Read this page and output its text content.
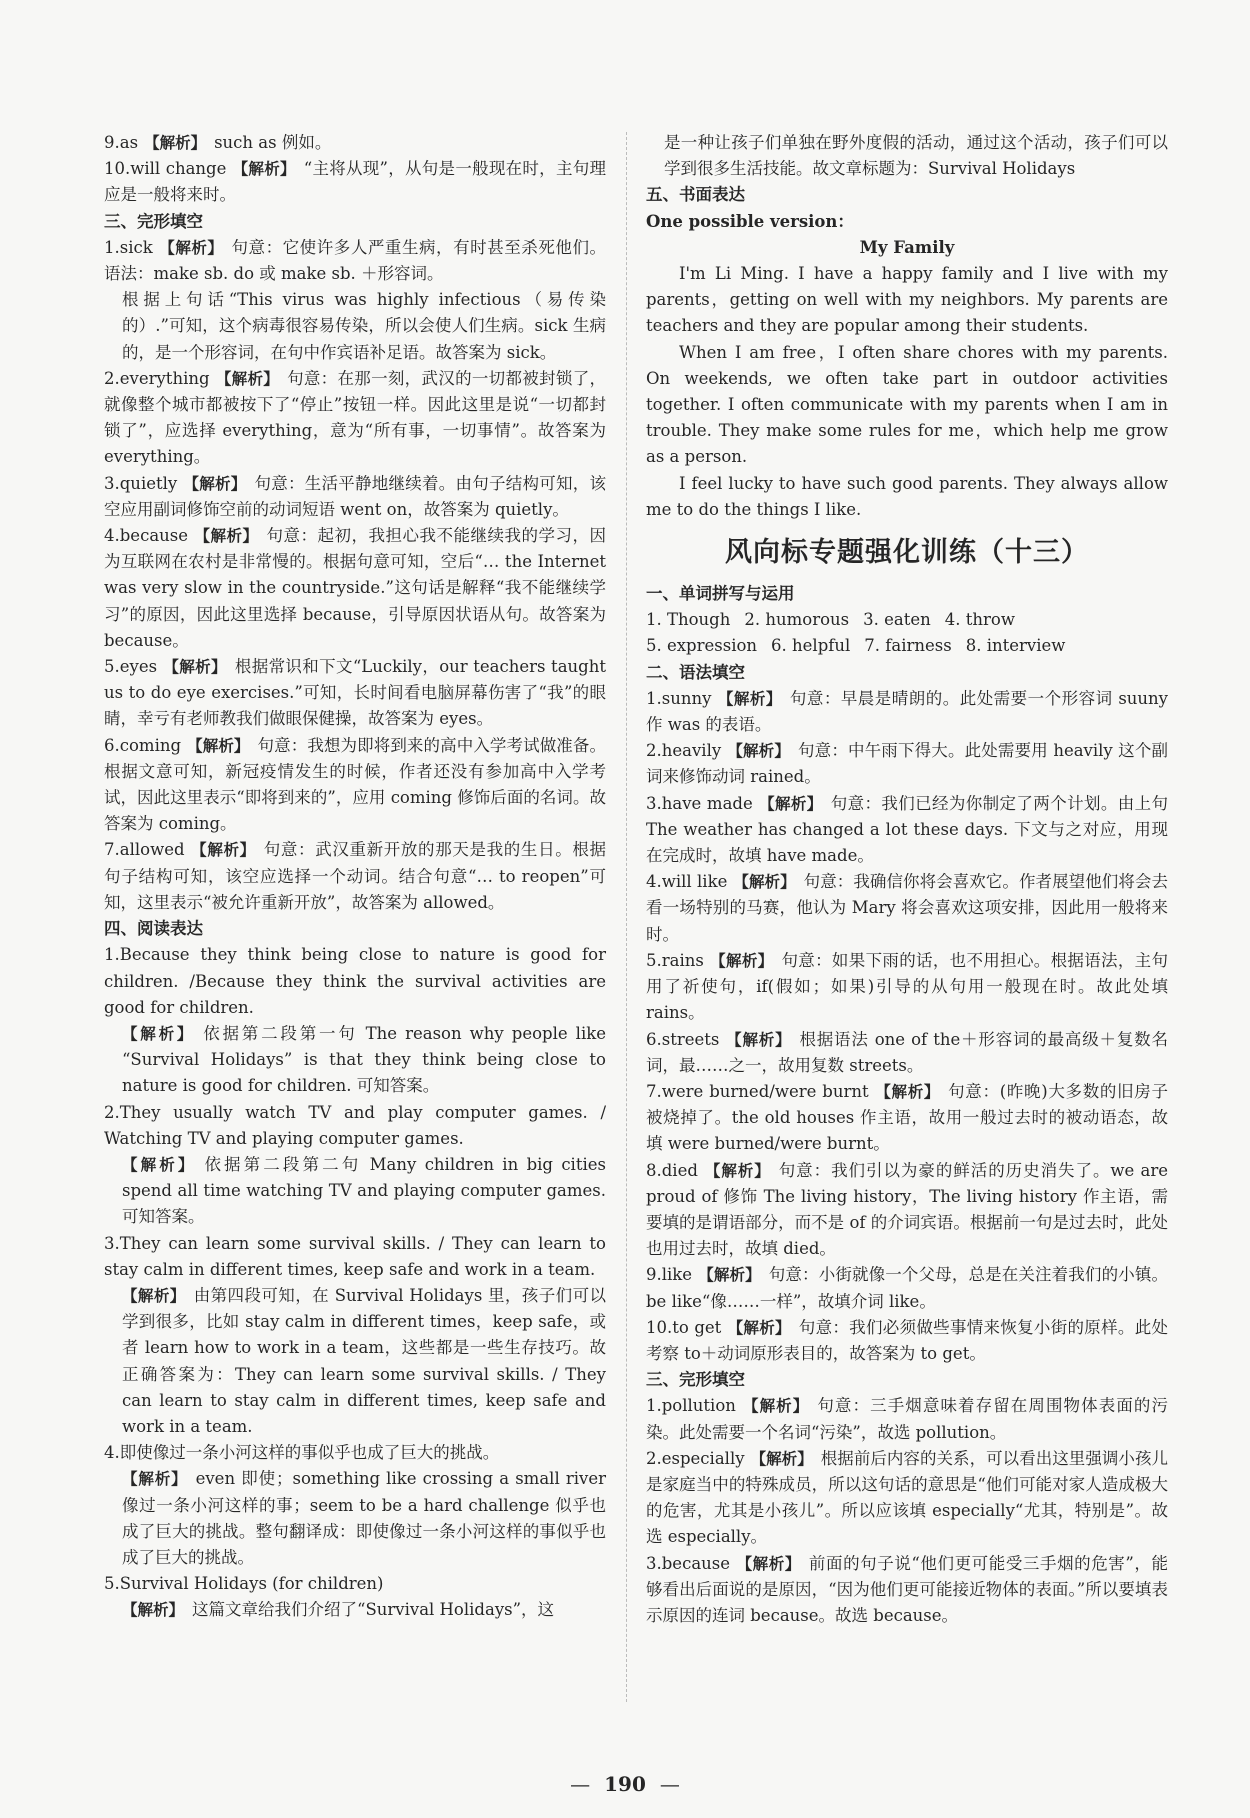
9.as 【解析】 such as 例如。

10.will change 【解析】 “主将从现”，从句是一般现在时，主句理应是一般将来时。

三、完形填空

1.sick 【解析】 句意：它使许多人严重生病，有时甚至杀死他们。语法：make sb. do 或 make sb. ＋形容词。

根据上句话“This virus was highly infectious（易传染的）.”可知，这个病毒很容易传染，所以会使人们生病。sick 生病的，是一个形容词，在句中作宾语补足语。故答案为 sick。

2.everything 【解析】 句意：在那一刻，武汉的一切都被封锁了，就像整个城市都被按下了“停止”按钮一样。因此这里是说“一切都封锁了”，应选择 everything，意为“所有事，一切事情”。故答案为 everything。

3.quietly 【解析】 句意：生活平静地继续着。由句子结构可知，该空应用副词修饰空前的动词短语 went on，故答案为 quietly。

4.because 【解析】 句意：起初，我担心我不能继续我的学习，因为互联网在农村是非常慢的。根据句意可知，空后“… the Internet was very slow in the countryside.”这句话是解释“我不能继续学习”的原因，因此这里选择 because，引导原因状语从句。故答案为 because。

5.eyes 【解析】 根据常识和下文“Luckily，our teachers taught us to do eye exercises.”可知，长时间看电脑屏幕伤害了“我”的眼睛，幸亏有老师教我们做眼保健操，故答案为 eyes。

6.coming 【解析】 句意：我想为即将到来的高中入学考试做准备。根据文意可知，新冠疫情发生的时候，作者还没有参加高中入学考试，因此这里表示“即将到来的”，应用 coming 修饰后面的名词。故答案为 coming。

7.allowed 【解析】 句意：武汉重新开放的那天是我的生日。根据句子结构可知，该空应选择一个动词。结合句意“… to reopen”可知，这里表示“被允许重新开放”，故答案为 allowed。

四、阅读表达

1.Because they think being close to nature is good for children. /Because they think the survival activities are good for children.

【解析】 依据第二段第一句 The reason why people like “Survival Holidays” is that they think being close to nature is good for children. 可知答案。

2.They usually watch TV and play computer games. / Watching TV and playing computer games.

【解析】 依据第二段第二句 Many children in big cities spend all time watching TV and playing computer games. 可知答案。

3.They can learn some survival skills. / They can learn to stay calm in different times, keep safe and work in a team.

【解析】 由第四段可知，在 Survival Holidays 里，孩子们可以学到很多，比如 stay calm in different times，keep safe，或者 learn how to work in a team，这些都是一些生存技巧。故正确答案为：They can learn some survival skills. / They can learn to stay calm in different times, keep safe and work in a team.

4.即使像过一条小河这样的事似乎也成了巨大的挑战。

【解析】 even 即使；something like crossing a small river 像过一条小河这样的事；seem to be a hard challenge 似乎也成了巨大的挑战。整句翻译成：即使像过一条小河这样的事似乎也成了巨大的挑战。

5.Survival Holidays (for children)

【解析】 这篇文章给我们介绍了“Survival Holidays”，这

是一种让孩子们单独在野外度假的活动，通过这个活动，孩子们可以学到很多生活技能。故文章标题为：Survival Holidays

五、书面表达

One possible version：

My Family

I'm Li Ming. I have a happy family and I live with my parents，getting on well with my neighbors. My parents are teachers and they are popular among their students.

When I am free，I often share chores with my parents. On weekends, we often take part in outdoor activities together. I often communicate with my parents when I am in trouble. They make some rules for me，which help me grow as a person.

I feel lucky to have such good parents. They always allow me to do the things I like.

风向标专题强化训练（十三）

一、单词拼写与运用

1. Though 2. humorous 3. eaten 4. throw

5. expression 6. helpful 7. fairness 8. interview

二、语法填空

1.sunny 【解析】 句意：早晨是晴朗的。此处需要一个形容词 suuny 作 was 的表语。

2.heavily 【解析】 句意：中午雨下得大。此处需要用 heavily 这个副词来修饰动词 rained。

3.have made 【解析】 句意：我们已经为你制定了两个计划。由上句 The weather has changed a lot these days. 下文与之对应，用现在完成时，故填 have made。

4.will like 【解析】 句意：我确信你将会喜欢它。作者展望他们将会去看一场特别的马赛，他认为 Mary 将会喜欢这项安排，因此用一般将来时。

5.rains 【解析】 句意：如果下雨的话，也不用担心。根据语法，主句用了祈使句，if(假如；如果)引导的从句用一般现在时。故此处填 rains。

6.streets 【解析】 根据语法 one of the＋形容词的最高级＋复数名词，最……之一，故用复数 streets。

7.were burned/were burnt 【解析】 句意：(昨晚)大多数的旧房子被烧掉了。the old houses 作主语，故用一般过去时的被动语态，故填 were burned/were burnt。

8.died 【解析】 句意：我们引以为豪的鲜活的历史消失了。we are proud of 修饰 The living history，The living history 作主语，需要填的是谓语部分，而不是 of 的介词宾语。根据前一句是过去时，此处也用过去时，故填 died。

9.like 【解析】 句意：小街就像一个父母，总是在关注着我们的小镇。be like“像……一样”，故填介词 like。

10.to get 【解析】 句意：我们必须做些事情来恢复小街的原样。此处考察 to＋动词原形表目的，故答案为 to get。

三、完形填空

1.pollution 【解析】 句意：三手烟意味着存留在周围物体表面的污染。此处需要一个名词“污染”，故选 pollution。

2.especially 【解析】 根据前后内容的关系，可以看出这里强调小孩儿是家庭当中的特殊成员，所以这句话的意思是“他们可能对家人造成极大的危害，尤其是小孩儿”。所以应该填 especially“尤其，特别是”。故选 especially。

3.because 【解析】 前面的句子说“他们更可能受三手烟的危害”，能够看出后面说的是原因，“因为他们更可能接近物体的表面。”所以要填表示原因的连词 because。故选 because。

— 190 —
